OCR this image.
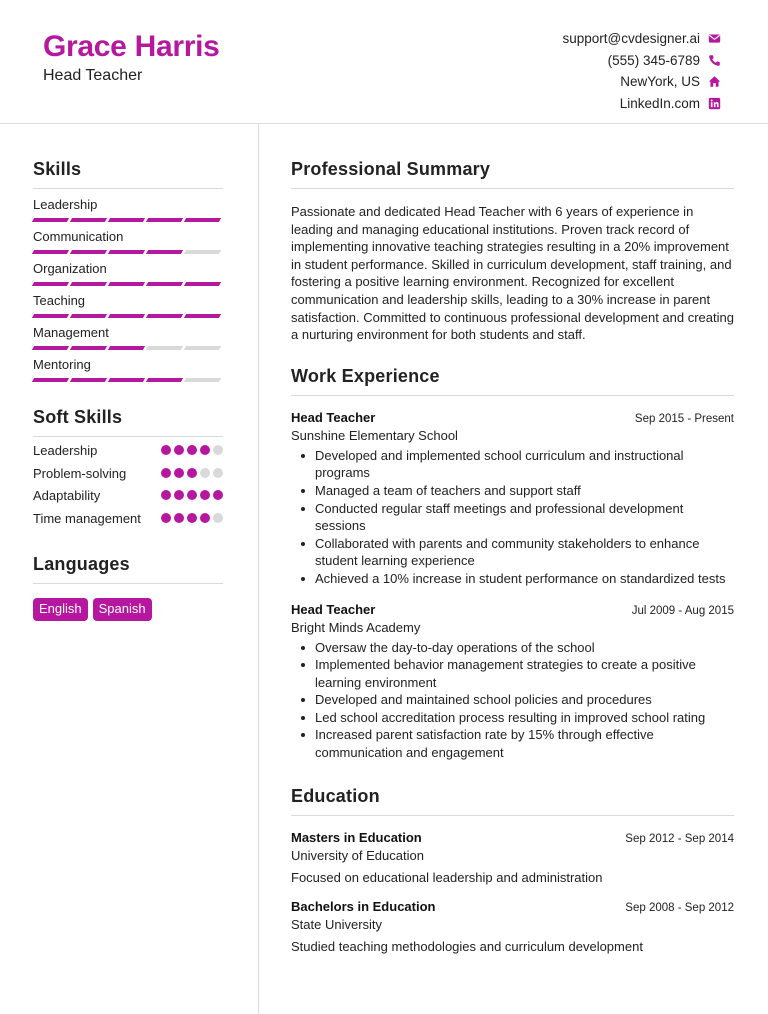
Grace Harris
Head Teacher
support@cvdesigner.ai
(555) 345-6789
NewYork, US
LinkedIn.com
Skills
Leadership
Communication
Organization
Teaching
Management
Mentoring
Soft Skills
Leadership
Problem-solving
Adaptability
Time management
Languages
English	Spanish
Professional Summary
Passionate and dedicated Head Teacher with 6 years of experience in leading and managing educational institutions. Proven track record of implementing innovative teaching strategies resulting in a 20% improvement in student performance. Skilled in curriculum development, staff training, and fostering a positive learning environment. Recognized for excellent communication and leadership skills, leading to a 30% increase in parent satisfaction. Committed to continuous professional development and creating a nurturing environment for both students and staff.
Work Experience
Head Teacher	Sep 2015 - Present
Sunshine Elementary School
Developed and implemented school curriculum and instructional programs
Managed a team of teachers and support staff
Conducted regular staff meetings and professional development sessions
Collaborated with parents and community stakeholders to enhance student learning experience
Achieved a 10% increase in student performance on standardized tests
Head Teacher	Jul 2009 - Aug 2015
Bright Minds Academy
Oversaw the day-to-day operations of the school
Implemented behavior management strategies to create a positive learning environment
Developed and maintained school policies and procedures
Led school accreditation process resulting in improved school rating
Increased parent satisfaction rate by 15% through effective communication and engagement
Education
Masters in Education	Sep 2012 - Sep 2014
University of Education
Focused on educational leadership and administration
Bachelors in Education	Sep 2008 - Sep 2012
State University
Studied teaching methodologies and curriculum development
